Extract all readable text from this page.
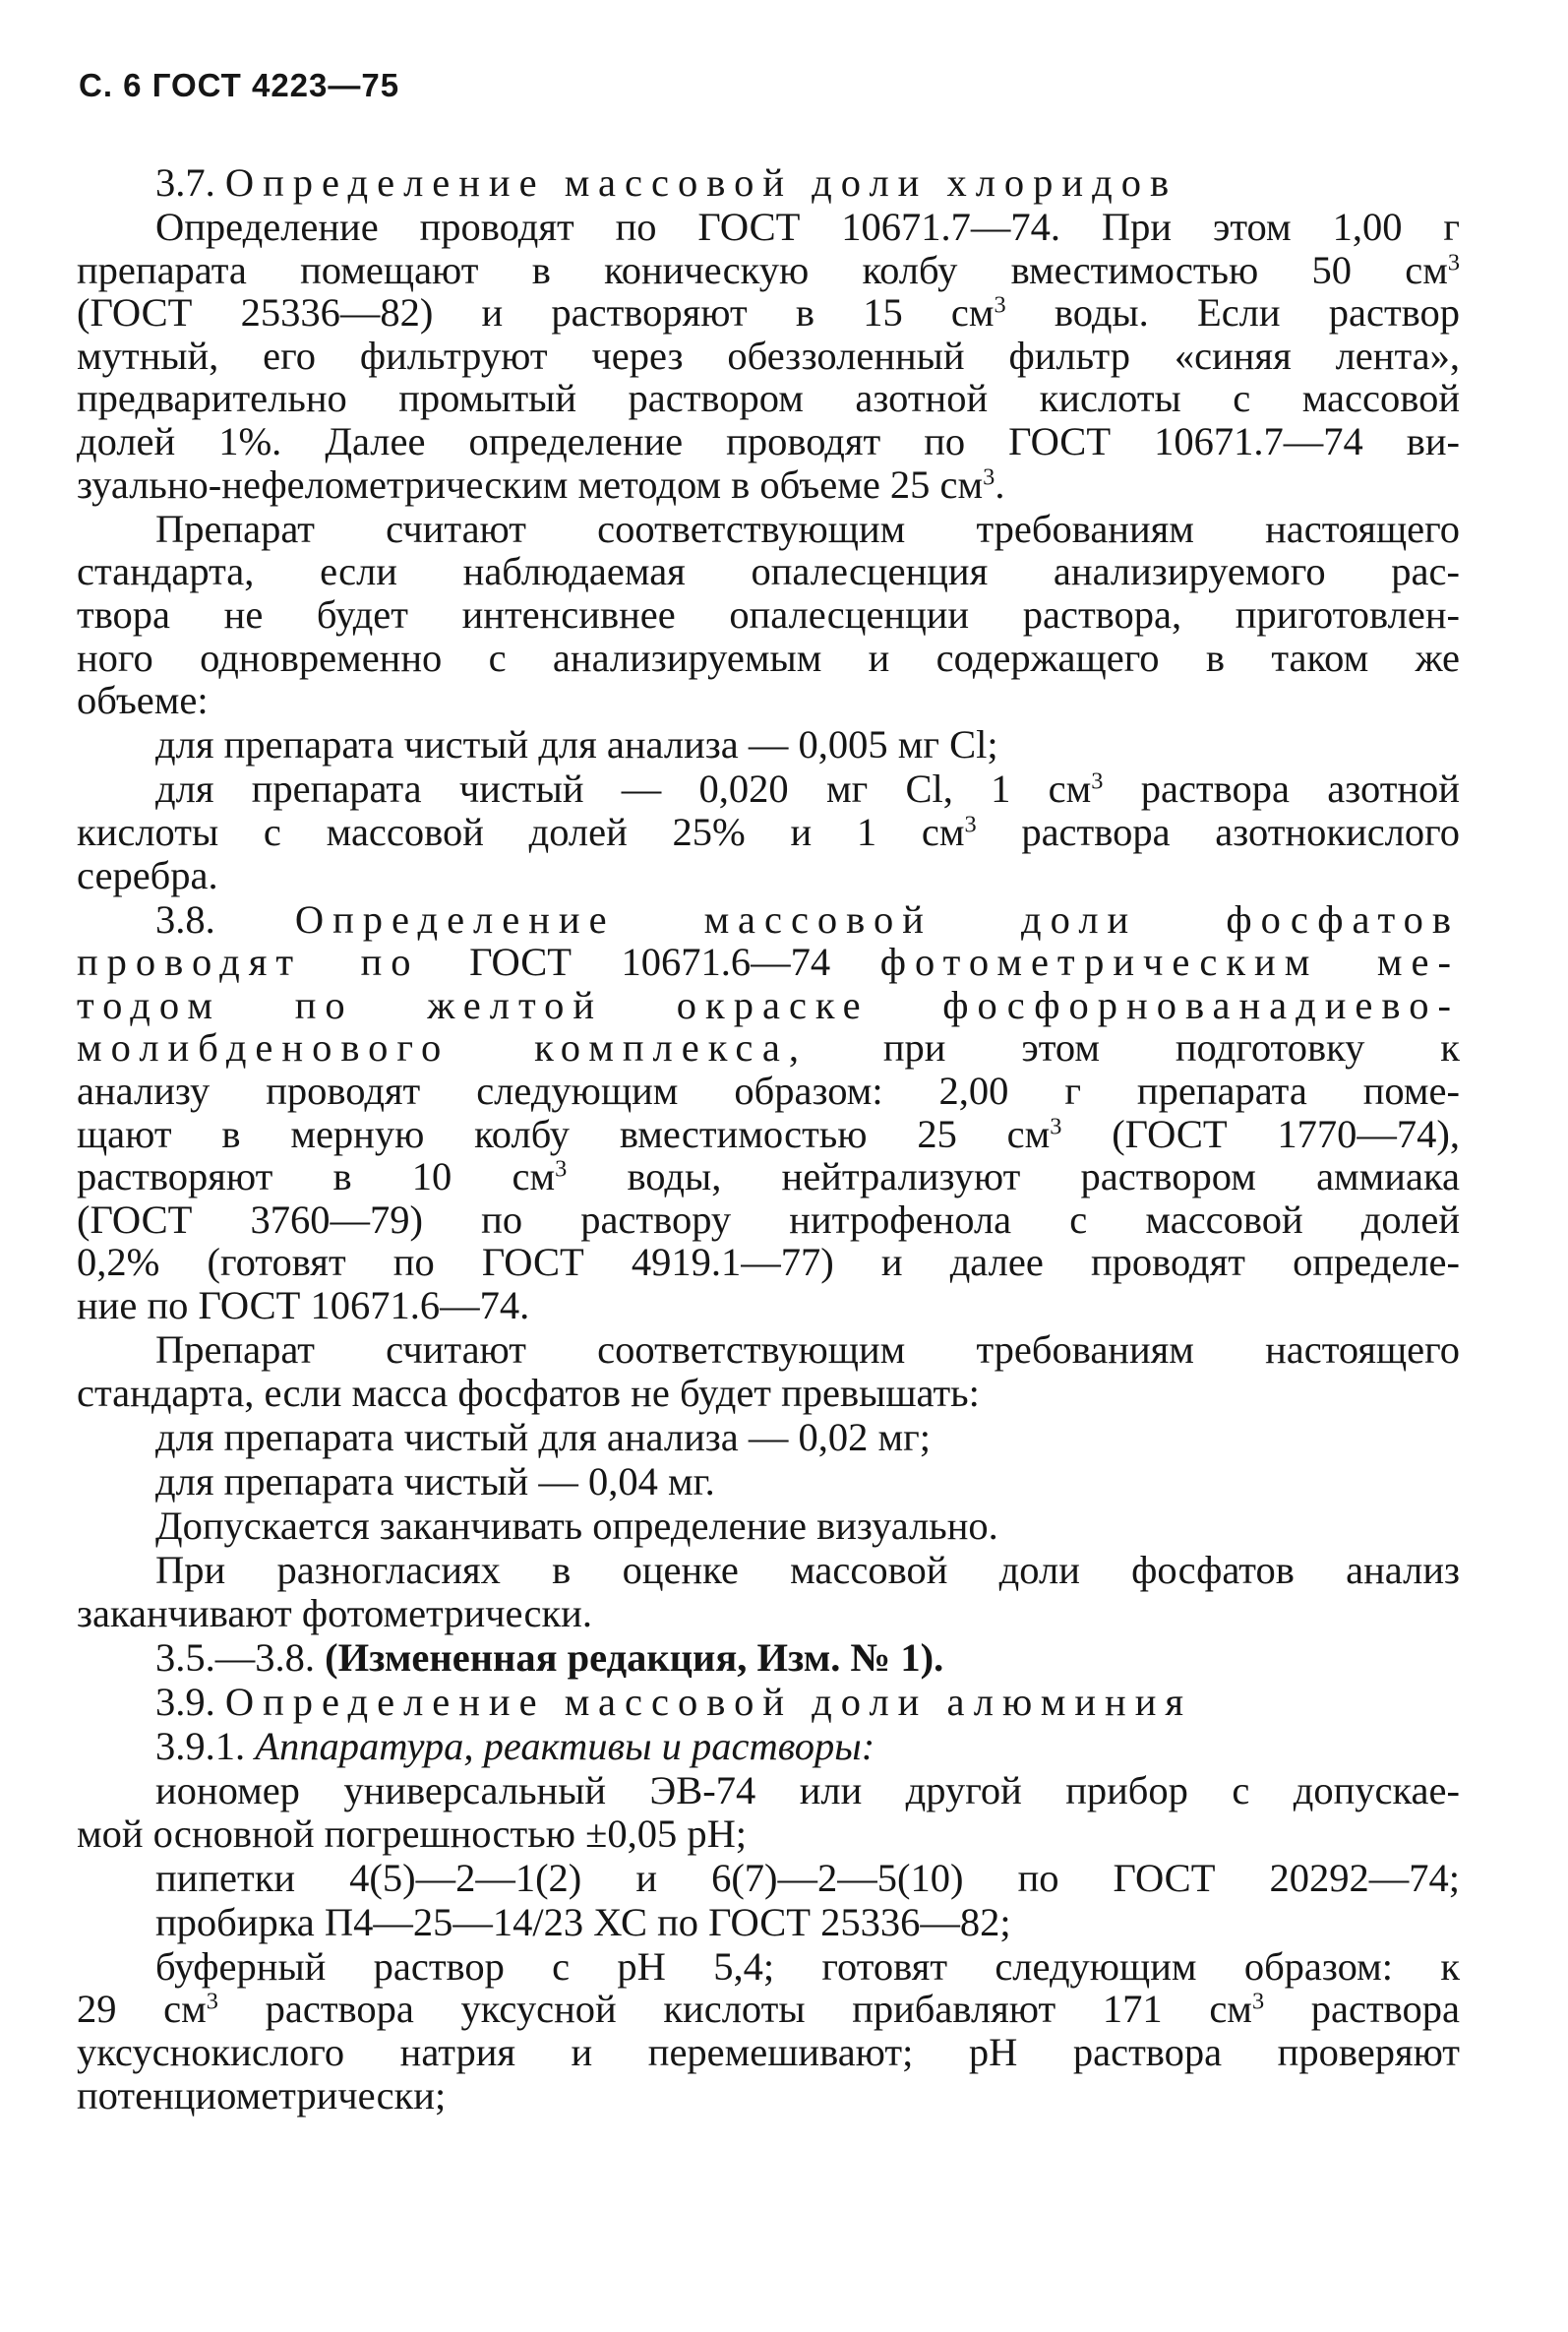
С. 6 ГОСТ 4223—75
3.7. Определение массовой доли хлоридов
Определение проводят по ГОСТ 10671.7—74. При этом 1,00 г
препарата помещают в коническую колбу вместимостью 50 $см^3$
(ГОСТ 25336—82) и растворяют в 15 $см^3$ воды. Если раствор
мутный, его фильтруют через обеззоленный фильтр «синяя лента»,
предварительно промытый раствором азотной кислоты с массовой
долей 1%. Далее определение проводят по ГОСТ 10671.7—74 ви-
зуально-нефелометрическим методом в объеме 25 $см^3$.
Препарат считают соответствующим требованиям настоящего
стандарта, если наблюдаемая опалесценция анализируемого рас-
твора не будет интенсивнее опалесценции раствора, приготовлен-
ного одновременно с анализируемым и содержащего в таком же
объеме:
для препарата чистый для анализа — 0,005 мг Cl;
для препарата чистый — 0,020 мг Cl, 1 $см^3$ раствора азотной
кислоты с массовой долей 25% и 1 $см^3$ раствора азотнокислого
серебра.
3.8. Определение массовой доли фосфатов
проводят по ГОСТ 10671.6—74 фотометрическим ме-
тодом по желтой окраске фосфорнованадиево-
молибденового комплекса, при этом подготовку к
анализу проводят следующим образом: 2,00 г препарата поме-
щают в мерную колбу вместимостью 25 $см^3$ (ГОСТ 1770—74),
растворяют в 10 $см^3$ воды, нейтрализуют раствором аммиака
(ГОСТ 3760—79) по раствору нитрофенола с массовой долей
0,2% (готовят по ГОСТ 4919.1—77) и далее проводят определе-
ние по ГОСТ 10671.6—74.
Препарат считают соответствующим требованиям настоящего
стандарта, если масса фосфатов не будет превышать:
для препарата чистый для анализа — 0,02 мг;
для препарата чистый — 0,04 мг.
Допускается заканчивать определение визуально.
При разногласиях в оценке массовой доли фосфатов анализ
заканчивают фотометрически.
3.5.—3.8. (Измененная редакция, Изм. № 1).
3.9. Определение массовой доли алюминия
3.9.1. Аппаратура, реактивы и растворы:
иономер универсальный ЭВ-74 или другой прибор с допускае-
мой основной погрешностью ±0,05 pH;
пипетки 4(5)—2—1(2) и 6(7)—2—5(10) по ГОСТ 20292—74;
пробирка П4—25—14/23 ХС по ГОСТ 25336—82;
буферный раствор с pH 5,4; готовят следующим образом: к
29 $см^3$ раствора уксусной кислоты прибавляют 171 $см^3$ раствора
уксуснокислого натрия и перемешивают; pH раствора проверяют
потенциометрически;
